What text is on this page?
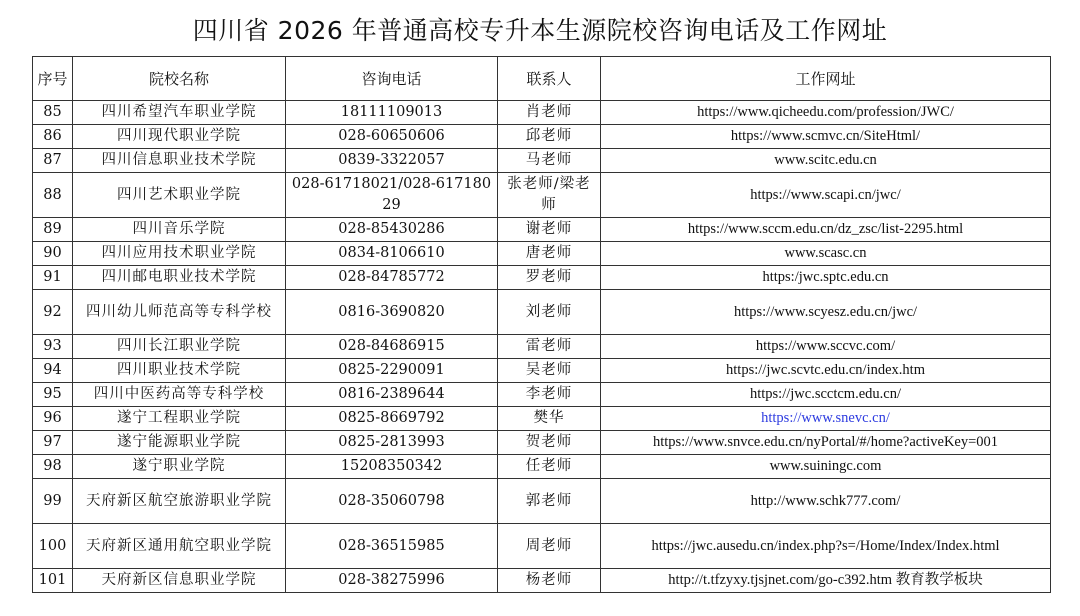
四川省 2026 年普通高校专升本生源院校咨询电话及工作网址
序号	院校名称	咨询电话	联系人	工作网址
85	四川希望汽车职业学院	18111109013	肖老师	https://www.qicheedu.com/profession/JWC/
86	四川现代职业学院	028-60650606	邱老师	https://www.scmvc.cn/SiteHtml/
87	四川信息职业技术学院	0839-3322057	马老师	www.scitc.edu.cn
88	四川艺术职业学院	028-61718021/028-61718029	张老师/梁老师	https://www.scapi.cn/jwc/
89	四川音乐学院	028-85430286	谢老师	https://www.sccm.edu.cn/dz_zsc/list-2295.html
90	四川应用技术职业学院	0834-8106610	唐老师	www.scasc.cn
91	四川邮电职业技术学院	028-84785772	罗老师	https:/jwc.sptc.edu.cn
92	四川幼儿师范高等专科学校	0816-3690820	刘老师	https://www.scyesz.edu.cn/jwc/
93	四川长江职业学院	028-84686915	雷老师	https://www.sccvc.com/
94	四川职业技术学院	0825-2290091	吴老师	https://jwc.scvtc.edu.cn/index.htm
95	四川中医药高等专科学校	0816-2389644	李老师	https://jwc.scctcm.edu.cn/
96	遂宁工程职业学院	0825-8669792	樊华	https://www.snevc.cn/
97	遂宁能源职业学院	0825-2813993	贺老师	https://www.snvce.edu.cn/nyPortal/#/home?activeKey=001
98	遂宁职业学院	15208350342	任老师	www.suiningc.com
99	天府新区航空旅游职业学院	028-35060798	郭老师	http://www.schk777.com/
100	天府新区通用航空职业学院	028-36515985	周老师	https://jwc.ausedu.cn/index.php?s=/Home/Index/Index.html
101	天府新区信息职业学院	028-38275996	杨老师	http://t.tfzyxy.tjsjnet.com/go-c392.htm 教育教学板块
